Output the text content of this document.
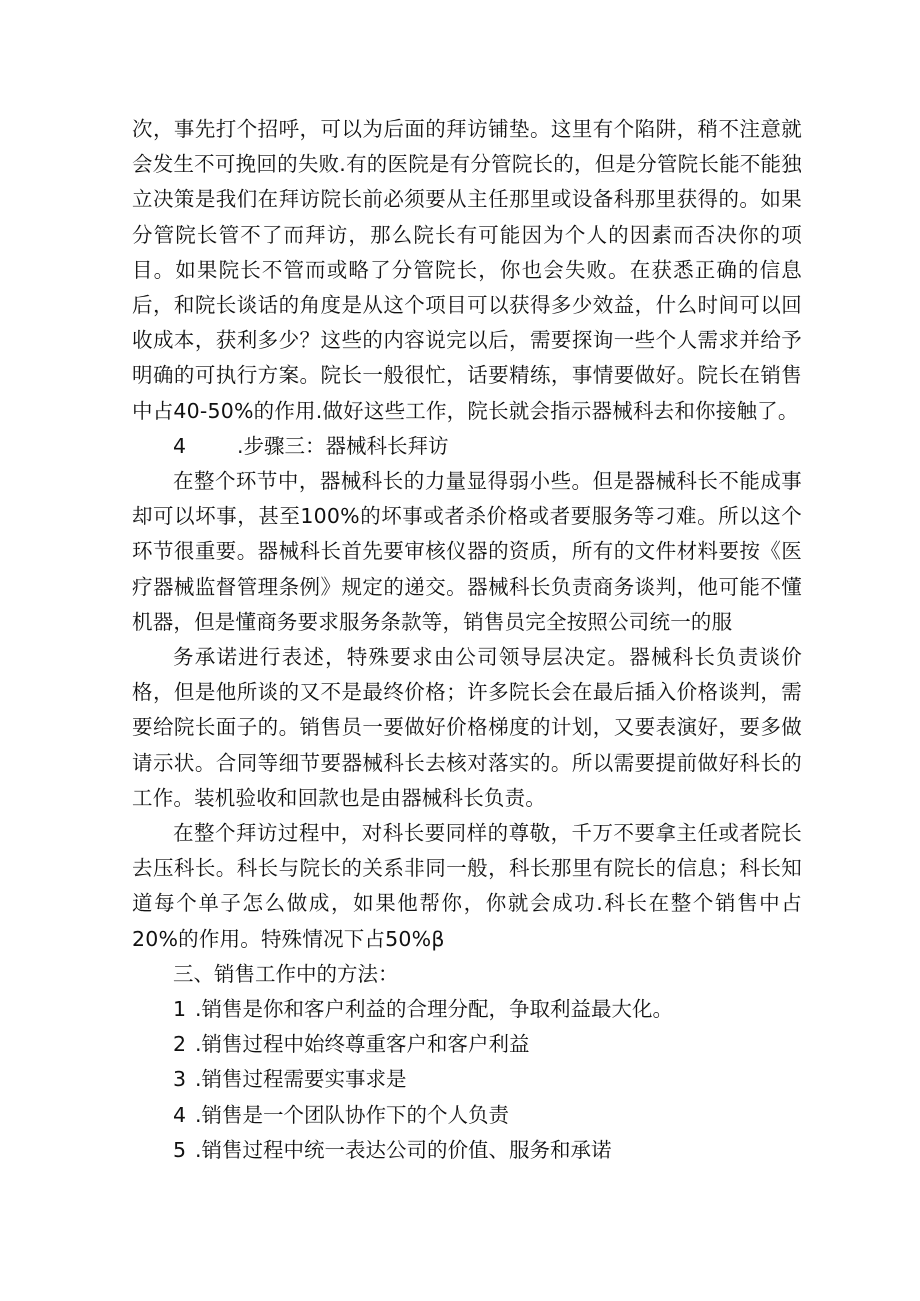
次，事先打个招呼，可以为后面的拜访铺垫。这里有个陷阱，稍不注意就会发生不可挽回的失败.有的医院是有分管院长的，但是分管院长能不能独立决策是我们在拜访院长前必须要从主任那里或设备科那里获得的。如果分管院长管不了而拜访，那么院长有可能因为个人的因素而否决你的项目。如果院长不管而或略了分管院长，你也会失败。在获悉正确的信息后，和院长谈话的角度是从这个项目可以获得多少效益，什么时间可以回收成本，获利多少？这些的内容说完以后，需要探询一些个人需求并给予明确的可执行方案。院长一般很忙，话要精练，事情要做好。院长在销售中占40-50%的作用.做好这些工作，院长就会指示器械科去和你接触了。

4 .步骤三：器械科长拜访

在整个环节中，器械科长的力量显得弱小些。但是器械科长不能成事却可以坏事，甚至100%的坏事或者杀价格或者要服务等刁难。所以这个环节很重要。器械科长首先要审核仪器的资质，所有的文件材料要按《医疗器械监督管理条例》规定的递交。器械科长负责商务谈判，他可能不懂机器，但是懂商务要求服务条款等，销售员完全按照公司统一的服

务承诺进行表述，特殊要求由公司领导层决定。器械科长负责谈价格，但是他所谈的又不是最终价格；许多院长会在最后插入价格谈判，需要给院长面子的。销售员一要做好价格梯度的计划，又要表演好，要多做请示状。合同等细节要器械科长去核对落实的。所以需要提前做好科长的工作。装机验收和回款也是由器械科长负责。

在整个拜访过程中，对科长要同样的尊敬，千万不要拿主任或者院长去压科长。科长与院长的关系非同一般，科长那里有院长的信息；科长知道每个单子怎么做成，如果他帮你，你就会成功.科长在整个销售中占20%的作用。特殊情况下占50%β

三、销售工作中的方法：
1 .销售是你和客户利益的合理分配，争取利益最大化。
2 .销售过程中始终尊重客户和客户利益
3 .销售过程需要实事求是
4 .销售是一个团队协作下的个人负责
5 .销售过程中统一表达公司的价值、服务和承诺
